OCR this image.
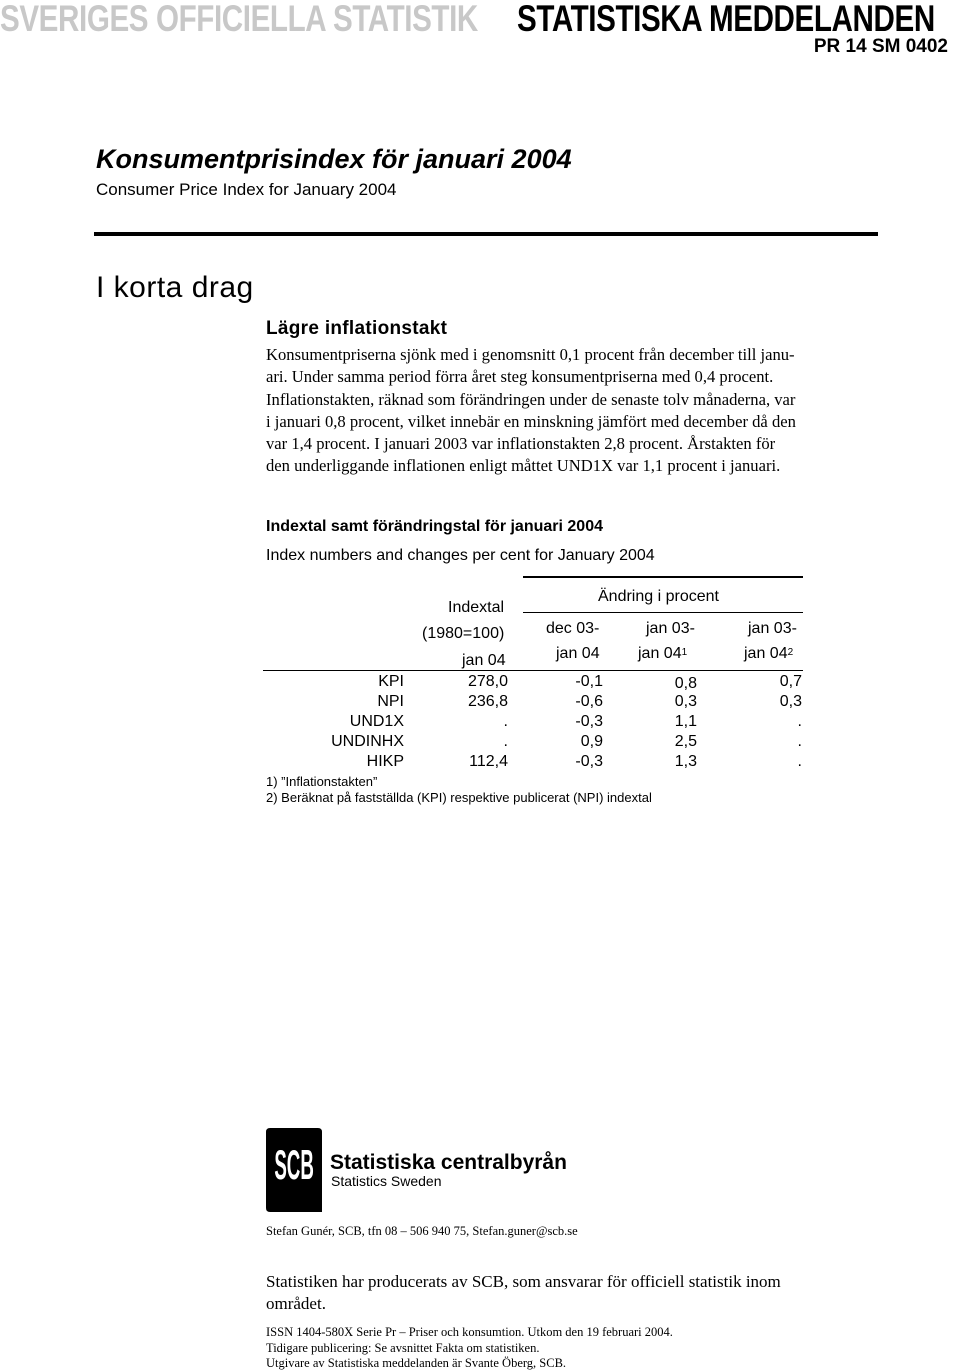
SVERIGES OFFICIELLA STATISTIK STATISTISKA MEDDELANDEN
PR 14 SM 0402
Konsumentprisindex för januari 2004
Consumer Price Index for January 2004
I korta drag
Lägre inflationstakt
Konsumentpriserna sjönk med i genomsnitt 0,1 procent från december till janu-
ari. Under samma period förra året steg konsumentpriserna med 0,4 procent.
Inflationstakten, räknad som förändringen under de senaste tolv månaderna, var
i januari 0,8 procent, vilket innebär en minskning jämfört med december då den
var 1,4 procent. I januari 2003 var inflationstakten 2,8 procent. Årstakten för
den underliggande inflationen enligt måttet UND1X var 1,1 procent i januari.
Indextal samt förändringstal för januari 2004
Index numbers and changes per cent for January 2004
Indextal
(1980=100)
jan 04
Ändring i procent
dec 03-
jan 04
jan 03-
jan $04^1$
jan 03-
jan $04^2$
KPI	278,0	-0,1	0,8	0,7
NPI	236,8	-0,6	0,3	0,3
UND1X	.	-0,3	1,1	.
UNDINHX	.	0,9	2,5	.
HIKP	112,4	-0,3	1,3	.
1) ”Inflationstakten”
2) Beräknat på fastställda (KPI) respektive publicerat (NPI) indextal
SCB Statistiska centralbyrån
Statistics Sweden
Stefan Gunér, SCB, tfn 08 – 506 940 75, Stefan.guner@scb.se
Statistiken har producerats av SCB, som ansvarar för officiell statistik inom
området.
ISSN 1404-580X Serie Pr – Priser och konsumtion. Utkom den 19 februari 2004.
Tidigare publicering: Se avsnittet Fakta om statistiken.
Utgivare av Statistiska meddelanden är Svante Öberg, SCB.
